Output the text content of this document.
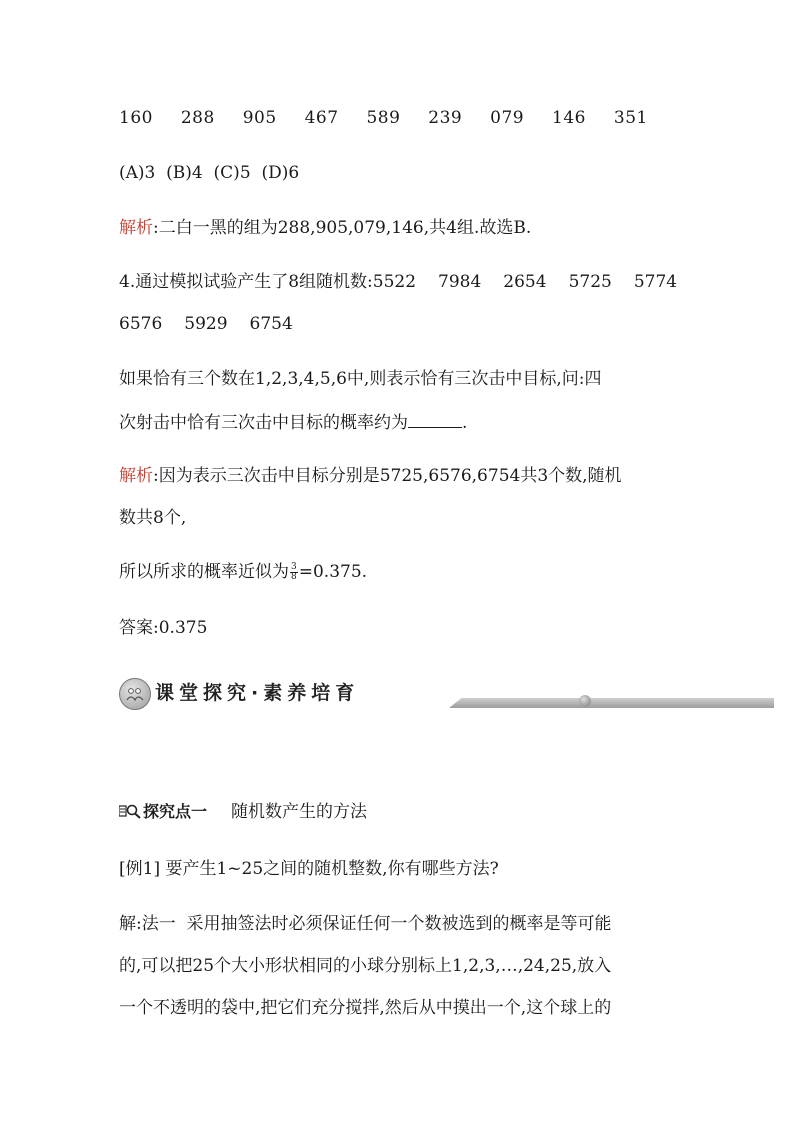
160 288 905 467 589 239 079 146 351
(A)3  (B)4  (C)5  (D)6
解析:二白一黑的组为288,905,079,146,共4组.故选B.
4.通过模拟试验产生了8组随机数:5522 7984 2654 5725 5774
6576 5929 6754
如果恰有三个数在1,2,3,4,5,6中,则表示恰有三次击中目标,问:四
次射击中恰有三次击中目标的概率约为	.
解析:因为表示三次击中目标分别是5725,6576,6754共3个数,随机
数共8个,
所以所求的概率近似为 $\frac{3}{8} =0.375$.
答案:0.375
课堂探究·素养培育
探究点一 随机数产生的方法
[例1] 要产生1~25之间的随机整数,你有哪些方法?
解:法一  采用抽签法时必须保证任何一个数被选到的概率是等可能
的,可以把25个大小形状相同的小球分别标上1,2,3,…,24,25,放入
一个不透明的袋中,把它们充分搅拌,然后从中摸出一个,这个球上的
